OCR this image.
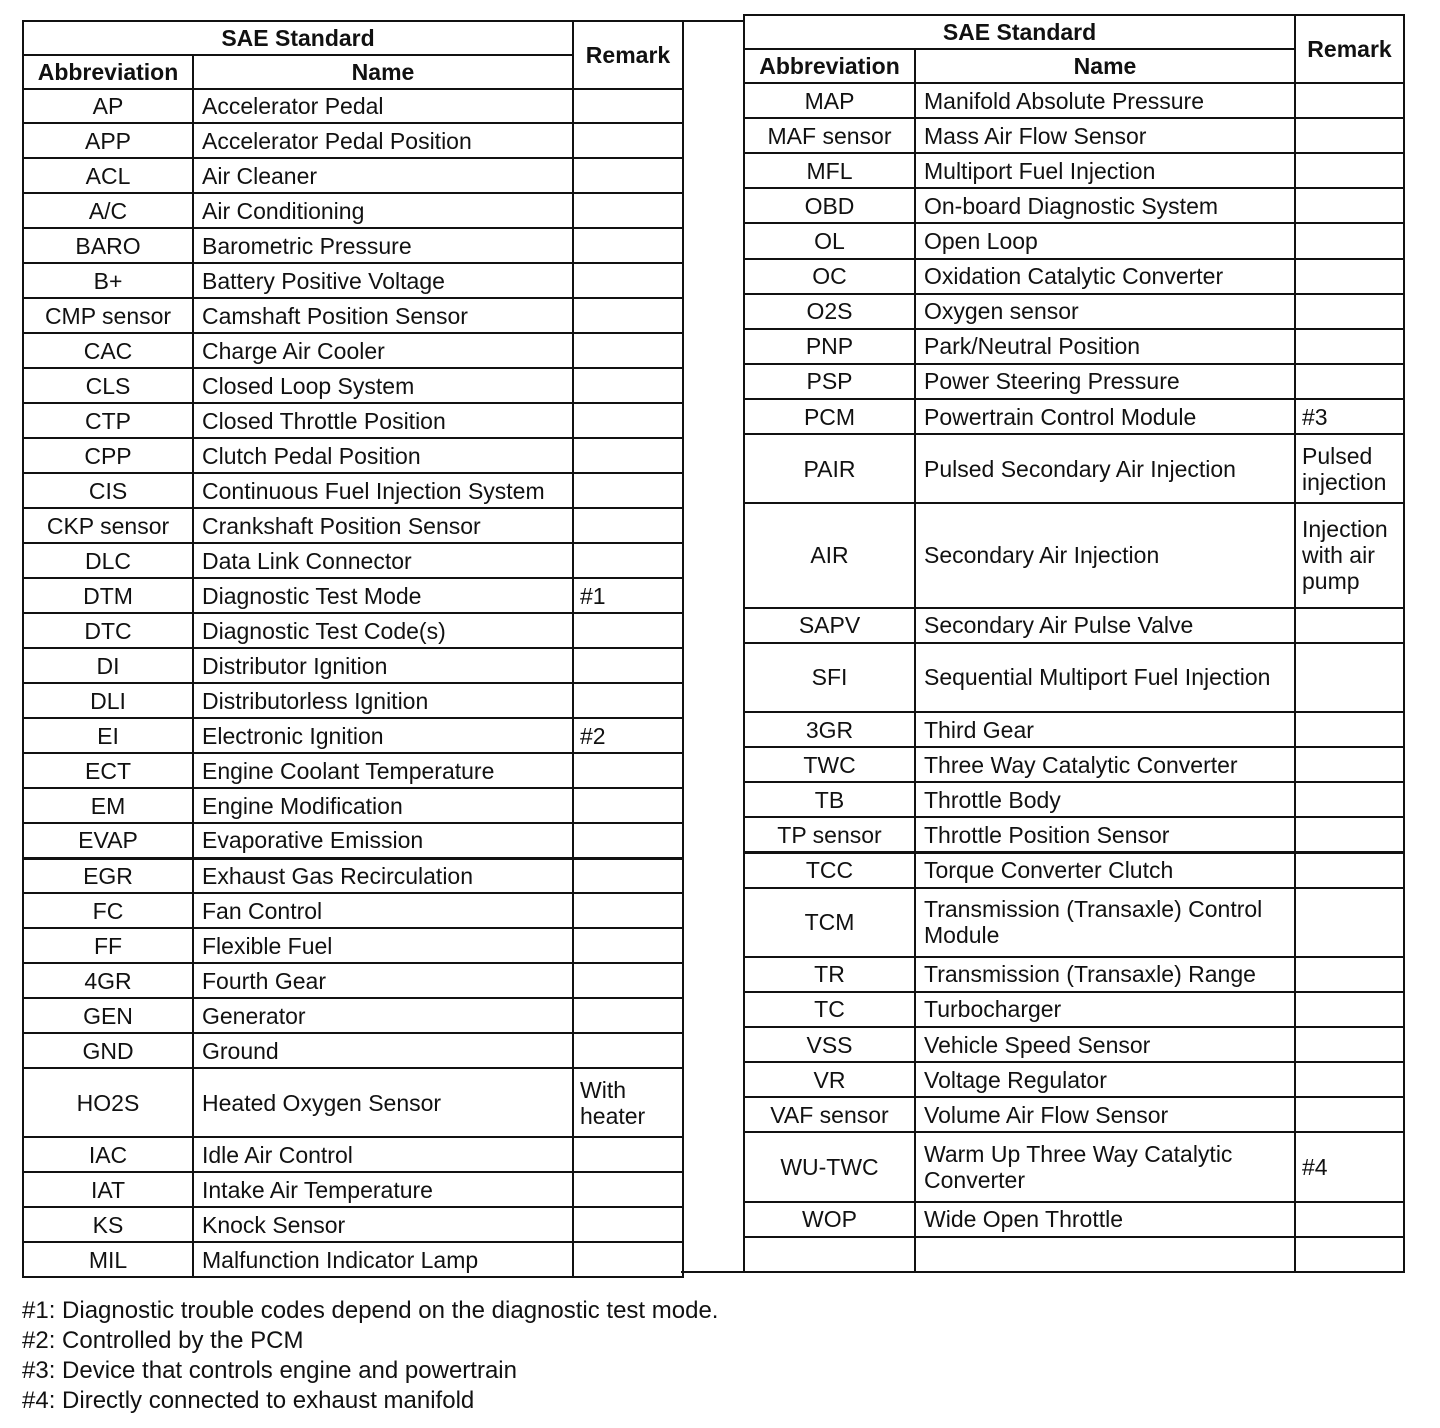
SAE Standard		Remark
Abbreviation	Name	
AP	Accelerator Pedal	
APP	Accelerator Pedal Position	
ACL	Air Cleaner	
A/C	Air Conditioning	
BARO	Barometric Pressure	
B+	Battery Positive Voltage	
CMP sensor	Camshaft Position Sensor	
CAC	Charge Air Cooler	
CLS	Closed Loop System	
CTP	Closed Throttle Position	
CPP	Clutch Pedal Position	
CIS	Continuous Fuel Injection System	
CKP sensor	Crankshaft Position Sensor	
DLC	Data Link Connector	
DTM	Diagnostic Test Mode	#1
DTC	Diagnostic Test Code(s)	
DI	Distributor Ignition	
DLI	Distributorless Ignition	
EI	Electronic Ignition	#2
ECT	Engine Coolant Temperature	
EM	Engine Modification	
EVAP	Evaporative Emission	
EGR	Exhaust Gas Recirculation	
FC	Fan Control	
FF	Flexible Fuel	
4GR	Fourth Gear	
GEN	Generator	
GND	Ground	
HO2S	Heated Oxygen Sensor	With heater
IAC	Idle Air Control	
IAT	Intake Air Temperature	
KS	Knock Sensor	
MIL	Malfunction Indicator Lamp	
SAE Standard		Remark
Abbreviation	Name	
MAP	Manifold Absolute Pressure	
MAF sensor	Mass Air Flow Sensor	
MFL	Multiport Fuel Injection	
OBD	On-board Diagnostic System	
OL	Open Loop	
OC	Oxidation Catalytic Converter	
O2S	Oxygen sensor	
PNP	Park/Neutral Position	
PSP	Power Steering Pressure	
PCM	Powertrain Control Module	#3
PAIR	Pulsed Secondary Air Injection	Pulsed injection
AIR	Secondary Air Injection	Injection with air pump
SAPV	Secondary Air Pulse Valve	
SFI	Sequential Multiport Fuel Injection	
3GR	Third Gear	
TWC	Three Way Catalytic Converter	
TB	Throttle Body	
TP sensor	Throttle Position Sensor	
TCC	Torque Converter Clutch	
TCM	Transmission (Transaxle) Control Module	
TR	Transmission (Transaxle) Range	
TC	Turbocharger	
VSS	Vehicle Speed Sensor	
VR	Voltage Regulator	
VAF sensor	Volume Air Flow Sensor	
WU-TWC	Warm Up Three Way Catalytic Converter	#4
WOP	Wide Open Throttle	

#1: Diagnostic trouble codes depend on the diagnostic test mode.
#2: Controlled by the PCM
#3: Device that controls engine and powertrain
#4: Directly connected to exhaust manifold
